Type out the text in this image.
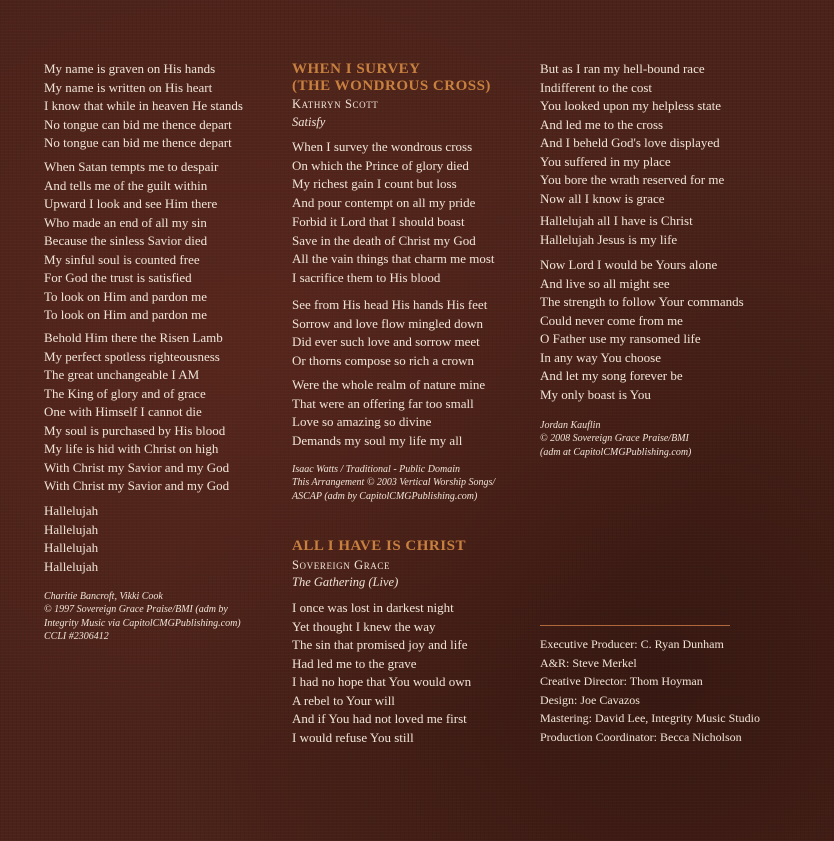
My name is graven on His hands
My name is written on His heart
I know that while in heaven He stands
No tongue can bid me thence depart
No tongue can bid me thence depart
When Satan tempts me to despair
And tells me of the guilt within
Upward I look and see Him there
Who made an end of all my sin
Because the sinless Savior died
My sinful soul is counted free
For God the trust is satisfied
To look on Him and pardon me
To look on Him and pardon me
Behold Him there the Risen Lamb
My perfect spotless righteousness
The great unchangeable I AM
The King of glory and of grace
One with Himself I cannot die
My soul is purchased by His blood
My life is hid with Christ on high
With Christ my Savior and my God
With Christ my Savior and my God
Hallelujah
Hallelujah
Hallelujah
Hallelujah
Charitie Bancroft, Vikki Cook
© 1997 Sovereign Grace Praise/BMI (adm by
Integrity Music via CapitolCMGPublishing.com)
CCLI #2306412
WHEN I SURVEY
(THE WONDROUS CROSS)
Kathryn Scott
Satisfy
When I survey the wondrous cross
On which the Prince of glory died
My richest gain I count but loss
And pour contempt on all my pride
Forbid it Lord that I should boast
Save in the death of Christ my God
All the vain things that charm me most
I sacrifice them to His blood
See from His head His hands His feet
Sorrow and love flow mingled down
Did ever such love and sorrow meet
Or thorns compose so rich a crown
Were the whole realm of nature mine
That were an offering far too small
Love so amazing so divine
Demands my soul my life my all
Isaac Watts / Traditional - Public Domain
This Arrangement © 2003 Vertical Worship Songs/
ASCAP (adm by CapitolCMGPublishing.com)
ALL I HAVE IS CHRIST
Sovereign Grace
The Gathering (Live)
I once was lost in darkest night
Yet thought I knew the way
The sin that promised joy and life
Had led me to the grave
I had no hope that You would own
A rebel to Your will
And if You had not loved me first
I would refuse You still
But as I ran my hell-bound race
Indifferent to the cost
You looked upon my helpless state
And led me to the cross
And I beheld God's love displayed
You suffered in my place
You bore the wrath reserved for me
Now all I know is grace
Hallelujah all I have is Christ
Hallelujah Jesus is my life
Now Lord I would be Yours alone
And live so all might see
The strength to follow Your commands
Could never come from me
O Father use my ransomed life
In any way You choose
And let my song forever be
My only boast is You
Jordan Kauflin
© 2008 Sovereign Grace Praise/BMI
(adm at CapitolCMGPublishing.com)
Executive Producer: C. Ryan Dunham
A&R: Steve Merkel
Creative Director: Thom Hoyman
Design: Joe Cavazos
Mastering: David Lee, Integrity Music Studio
Production Coordinator: Becca Nicholson
